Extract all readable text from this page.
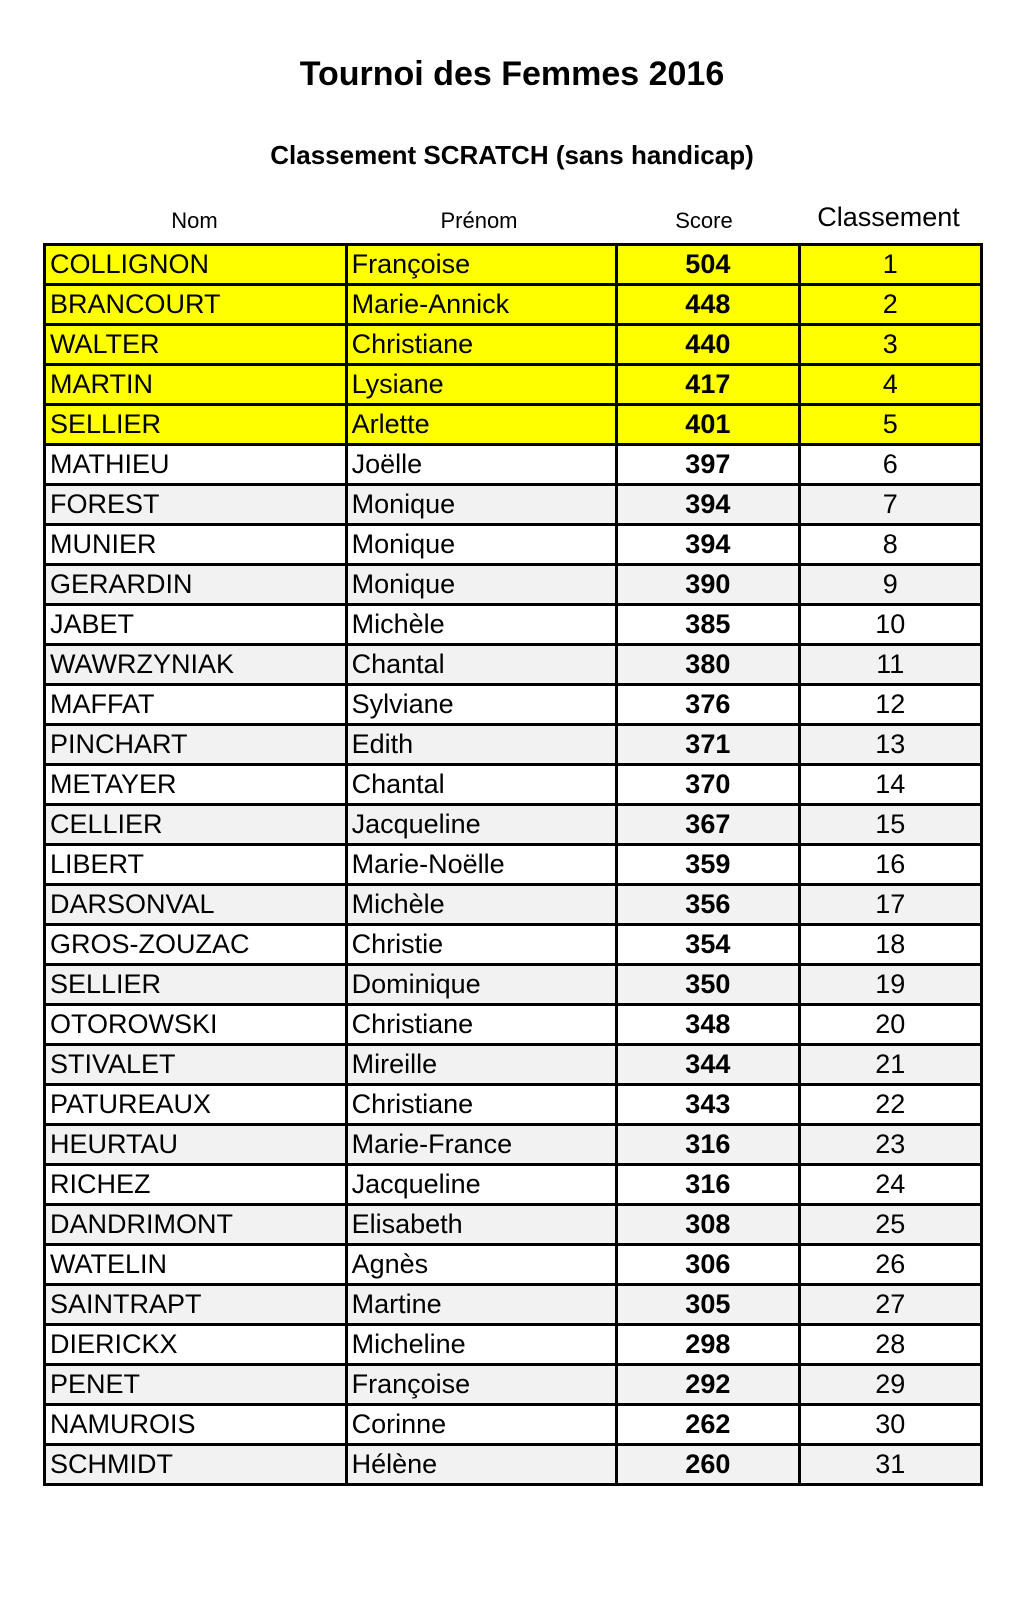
Tournoi des Femmes 2016
Classement SCRATCH (sans handicap)
Nom	Prénom	Score	Classement
COLLIGNON	Françoise	504	1
BRANCOURT	Marie-Annick	448	2
WALTER	Christiane	440	3
MARTIN	Lysiane	417	4
SELLIER	Arlette	401	5
MATHIEU	Joëlle	397	6
FOREST	Monique	394	7
MUNIER	Monique	394	8
GERARDIN	Monique	390	9
JABET	Michèle	385	10
WAWRZYNIAK	Chantal	380	11
MAFFAT	Sylviane	376	12
PINCHART	Edith	371	13
METAYER	Chantal	370	14
CELLIER	Jacqueline	367	15
LIBERT	Marie-Noëlle	359	16
DARSONVAL	Michèle	356	17
GROS-ZOUZAC	Christie	354	18
SELLIER	Dominique	350	19
OTOROWSKI	Christiane	348	20
STIVALET	Mireille	344	21
PATUREAUX	Christiane	343	22
HEURTAU	Marie-France	316	23
RICHEZ	Jacqueline	316	24
DANDRIMONT	Elisabeth	308	25
WATELIN	Agnès	306	26
SAINTRAPT	Martine	305	27
DIERICKX	Micheline	298	28
PENET	Françoise	292	29
NAMUROIS	Corinne	262	30
SCHMIDT	Hélène	260	31
